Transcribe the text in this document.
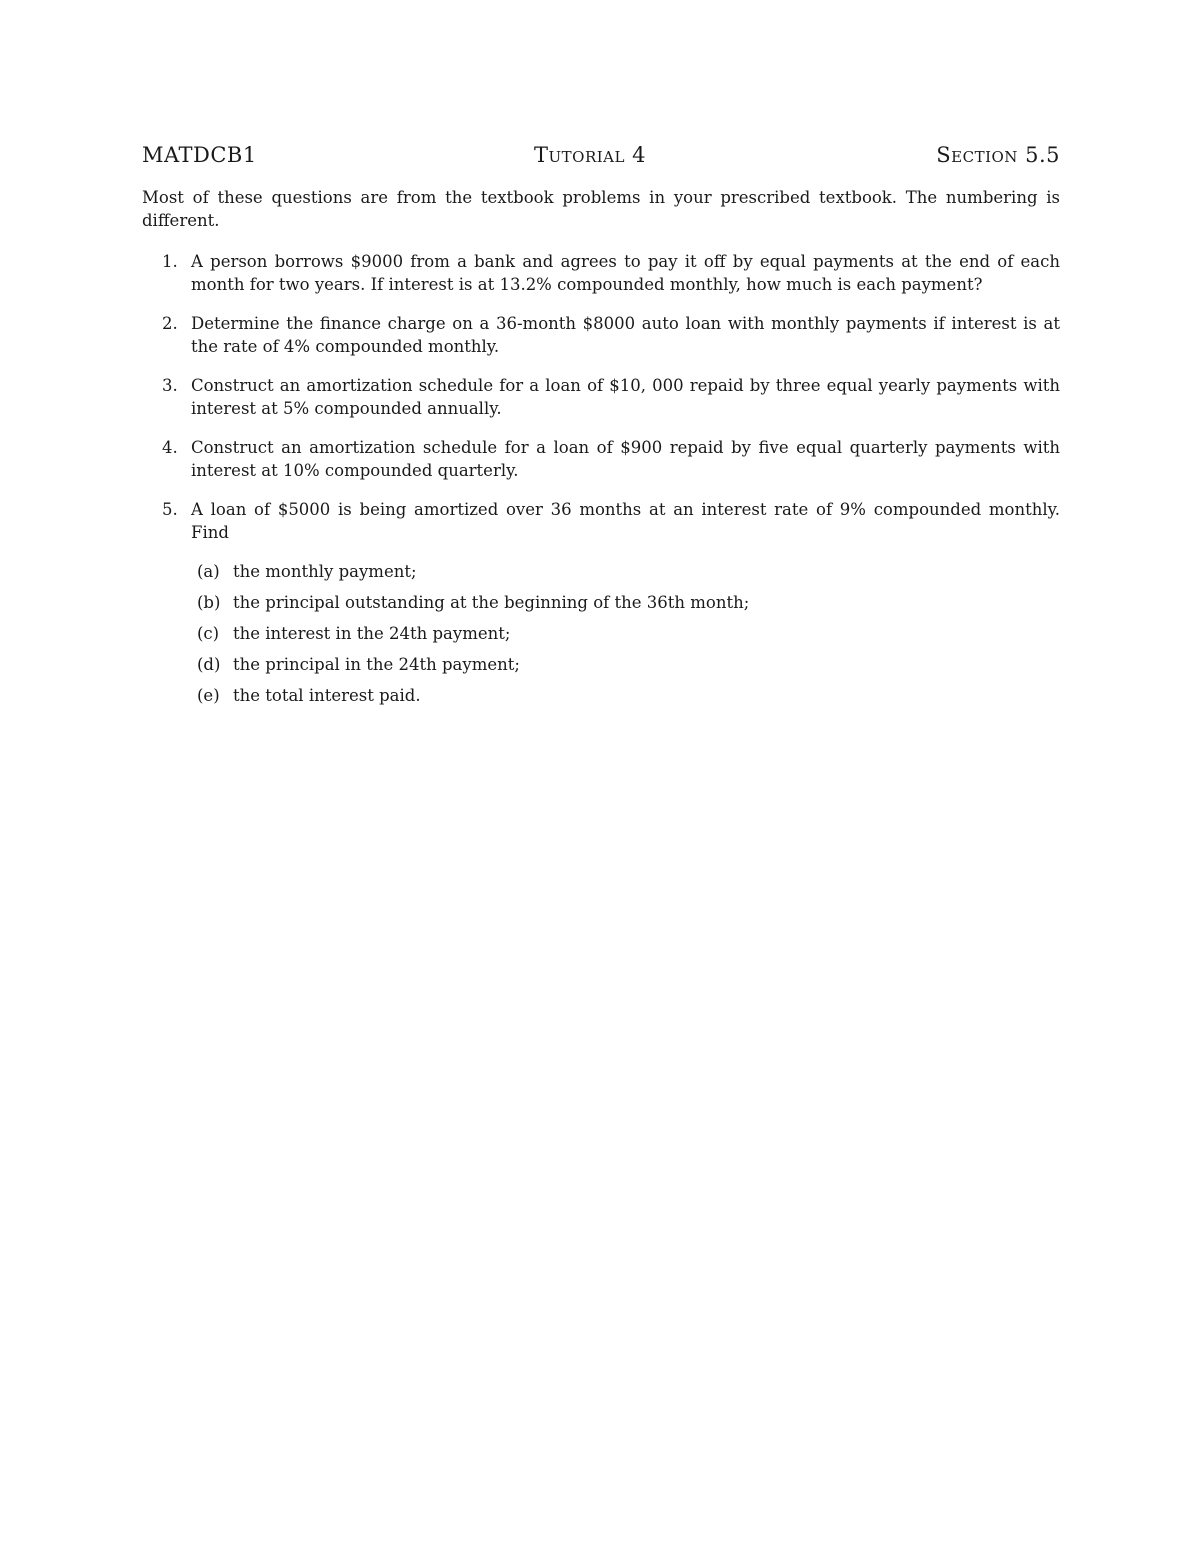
MATDCB1	Tutorial 4	Section 5.5
Most of these questions are from the textbook problems in your prescribed textbook. The numbering is different.
1. A person borrows $9000 from a bank and agrees to pay it off by equal payments at the end of each month for two years. If interest is at 13.2% compounded monthly, how much is each payment?
2. Determine the finance charge on a 36-month $8000 auto loan with monthly payments if interest is at the rate of 4% compounded monthly.
3. Construct an amortization schedule for a loan of $10, 000 repaid by three equal yearly payments with interest at 5% compounded annually.
4. Construct an amortization schedule for a loan of $900 repaid by five equal quarterly payments with interest at 10% compounded quarterly.
5. A loan of $5000 is being amortized over 36 months at an interest rate of 9% compounded monthly. Find
(a) the monthly payment;
(b) the principal outstanding at the beginning of the 36th month;
(c) the interest in the 24th payment;
(d) the principal in the 24th payment;
(e) the total interest paid.
